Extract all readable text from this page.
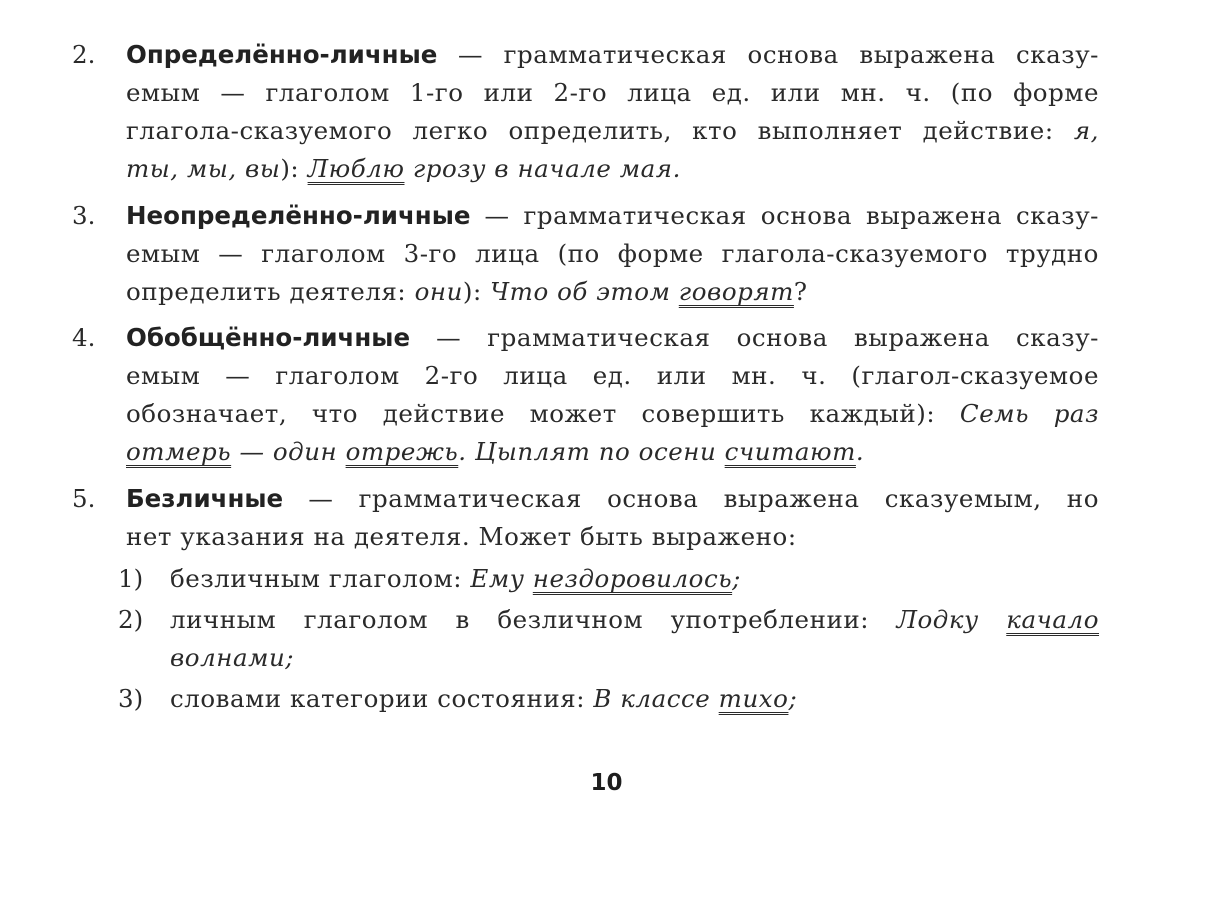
2. Определённо-личные — грамматическая основа выражена сказу-
емым — глаголом 1-го или 2-го лица ед. или мн. ч. (по форме
глагола-сказуемого легко определить, кто выполняет действие: я,
ты, мы, вы): Люблю грозу в начале мая.
3. Неопределённо-личные — грамматическая основа выражена сказу-
емым — глаголом 3-го лица (по форме глагола-сказуемого трудно
определить деятеля: они): Что об этом говорят?
4. Обобщённо-личные — грамматическая основа выражена сказу-
емым — глаголом 2-го лица ед. или мн. ч. (глагол-сказуемое
обозначает, что действие может совершить каждый): Семь раз
отмерь — один отрежь. Цыплят по осени считают.
5. Безличные — грамматическая основа выражена сказуемым, но
нет указания на деятеля. Может быть выражено:
1) безличным глаголом: Ему нездоровилось;
2) личным глаголом в безличном употреблении: Лодку качало
волнами;
3) словами категории состояния: В классе тихо;
10
